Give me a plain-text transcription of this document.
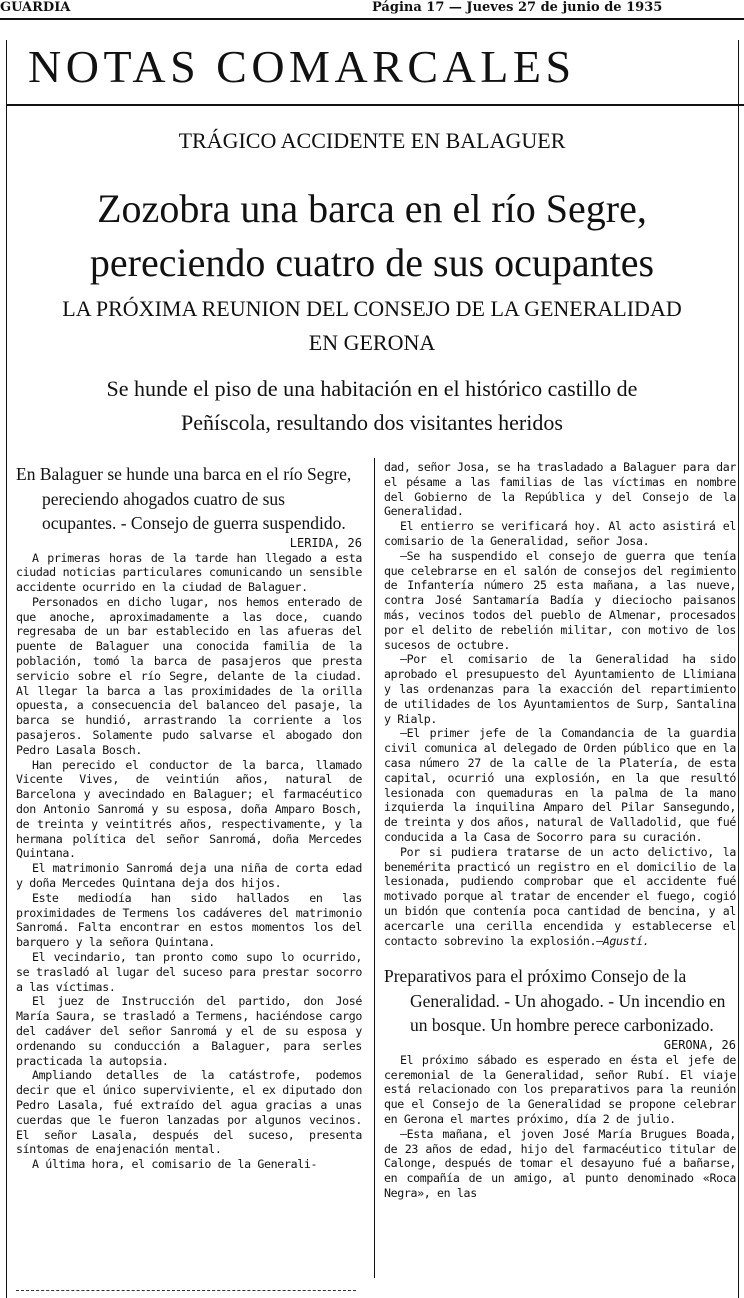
GUARDIA	Página 17 — Jueves 27 de junio de 1935
NOTAS COMARCALES
TRÁGICO ACCIDENTE EN BALAGUER
Zozobra una barca en el río Segre,
pereciendo cuatro de sus ocupantes
LA PRÓXIMA REUNION DEL CONSEJO DE LA GENERALIDAD
EN GERONA
Se hunde el piso de una habitación en el histórico castillo de
Peñíscola, resultando dos visitantes heridos

En Balaguer se hunde una barca en el río Segre, pereciendo ahogados cuatro de sus ocupantes. - Consejo de guerra suspendido.

LERIDA, 26

A primeras horas de la tarde han llegado a esta ciudad noticias particulares comunicando un sensible accidente ocurrido en la ciudad de Balaguer.

Personados en dicho lugar, nos hemos enterado de que anoche, aproximadamente a las doce, cuando regresaba de un bar establecido en las afueras del puente de Balaguer una conocida familia de la población, tomó la barca de pasajeros que presta servicio sobre el río Segre, delante de la ciudad. Al llegar la barca a las proximidades de la orilla opuesta, a consecuencia del balanceo del pasaje, la barca se hundió, arrastrando la corriente a los pasajeros. Solamente pudo salvarse el abogado don Pedro Lasala Bosch.

Han perecido el conductor de la barca, llamado Vicente Vives, de veintiún años, natural de Barcelona y avecindado en Balaguer; el farmacéutico don Antonio Sanromá y su esposa, doña Amparo Bosch, de treinta y veintitrés años, respectivamente, y la hermana política del señor Sanromá, doña Mercedes Quintana.

El matrimonio Sanromá deja una niña de corta edad y doña Mercedes Quintana deja dos hijos.

Este mediodía han sido hallados en las proximidades de Termens los cadáveres del matrimonio Sanromá. Falta encontrar en estos momentos los del barquero y la señora Quintana.

El vecindario, tan pronto como supo lo ocurrido, se trasladó al lugar del suceso para prestar socorro a las víctimas.

El juez de Instrucción del partido, don José María Saura, se trasladó a Termens, haciéndose cargo del cadáver del señor Sanromá y el de su esposa y ordenando su conducción a Balaguer, para serles practicada la autopsia.

Ampliando detalles de la catástrofe, podemos decir que el único superviviente, el ex diputado don Pedro Lasala, fué extraído del agua gracias a unas cuerdas que le fueron lanzadas por algunos vecinos. El señor Lasala, después del suceso, presenta síntomas de enajenación mental.

A última hora, el comisario de la Generali-

dad, señor Josa, se ha trasladado a Balaguer para dar el pésame a las familias de las víctimas en nombre del Gobierno de la República y del Consejo de la Generalidad.

El entierro se verificará hoy. Al acto asistirá el comisario de la Generalidad, señor Josa.

—Se ha suspendido el consejo de guerra que tenía que celebrarse en el salón de consejos del regimiento de Infantería número 25 esta mañana, a las nueve, contra José Santamaría Badía y dieciocho paisanos más, vecinos todos del pueblo de Almenar, procesados por el delito de rebelión militar, con motivo de los sucesos de octubre.

—Por el comisario de la Generalidad ha sido aprobado el presupuesto del Ayuntamiento de Llimiana y las ordenanzas para la exacción del repartimiento de utilidades de los Ayuntamientos de Surp, Santalina y Rialp.

—El primer jefe de la Comandancia de la guardia civil comunica al delegado de Orden público que en la casa número 27 de la calle de la Platería, de esta capital, ocurrió una explosión, en la que resultó lesionada con quemaduras en la palma de la mano izquierda la inquilina Amparo del Pilar Sansegundo, de treinta y dos años, natural de Valladolid, que fué conducida a la Casa de Socorro para su curación.

Por si pudiera tratarse de un acto delictivo, la benemérita practicó un registro en el domicilio de la lesionada, pudiendo comprobar que el accidente fué motivado porque al tratar de encender el fuego, cogió un bidón que contenía poca cantidad de bencina, y al acercarle una cerilla encendida y establecerse el contacto sobrevino la explosión.—Agustí.

Preparativos para el próximo Consejo de la Generalidad. - Un ahogado. - Un incendio en un bosque. Un hombre perece carbonizado.

GERONA, 26

El próximo sábado es esperado en ésta el jefe de ceremonial de la Generalidad, señor Rubí. El viaje está relacionado con los preparativos para la reunión que el Consejo de la Generalidad se propone celebrar en Gerona el martes próximo, día 2 de julio.

—Esta mañana, el joven José María Brugues Boada, de 23 años de edad, hijo del farmacéutico titular de Calonge, después de tomar el desayuno fué a bañarse, en compañía de un amigo, al punto denominado «Roca Negra», en las
